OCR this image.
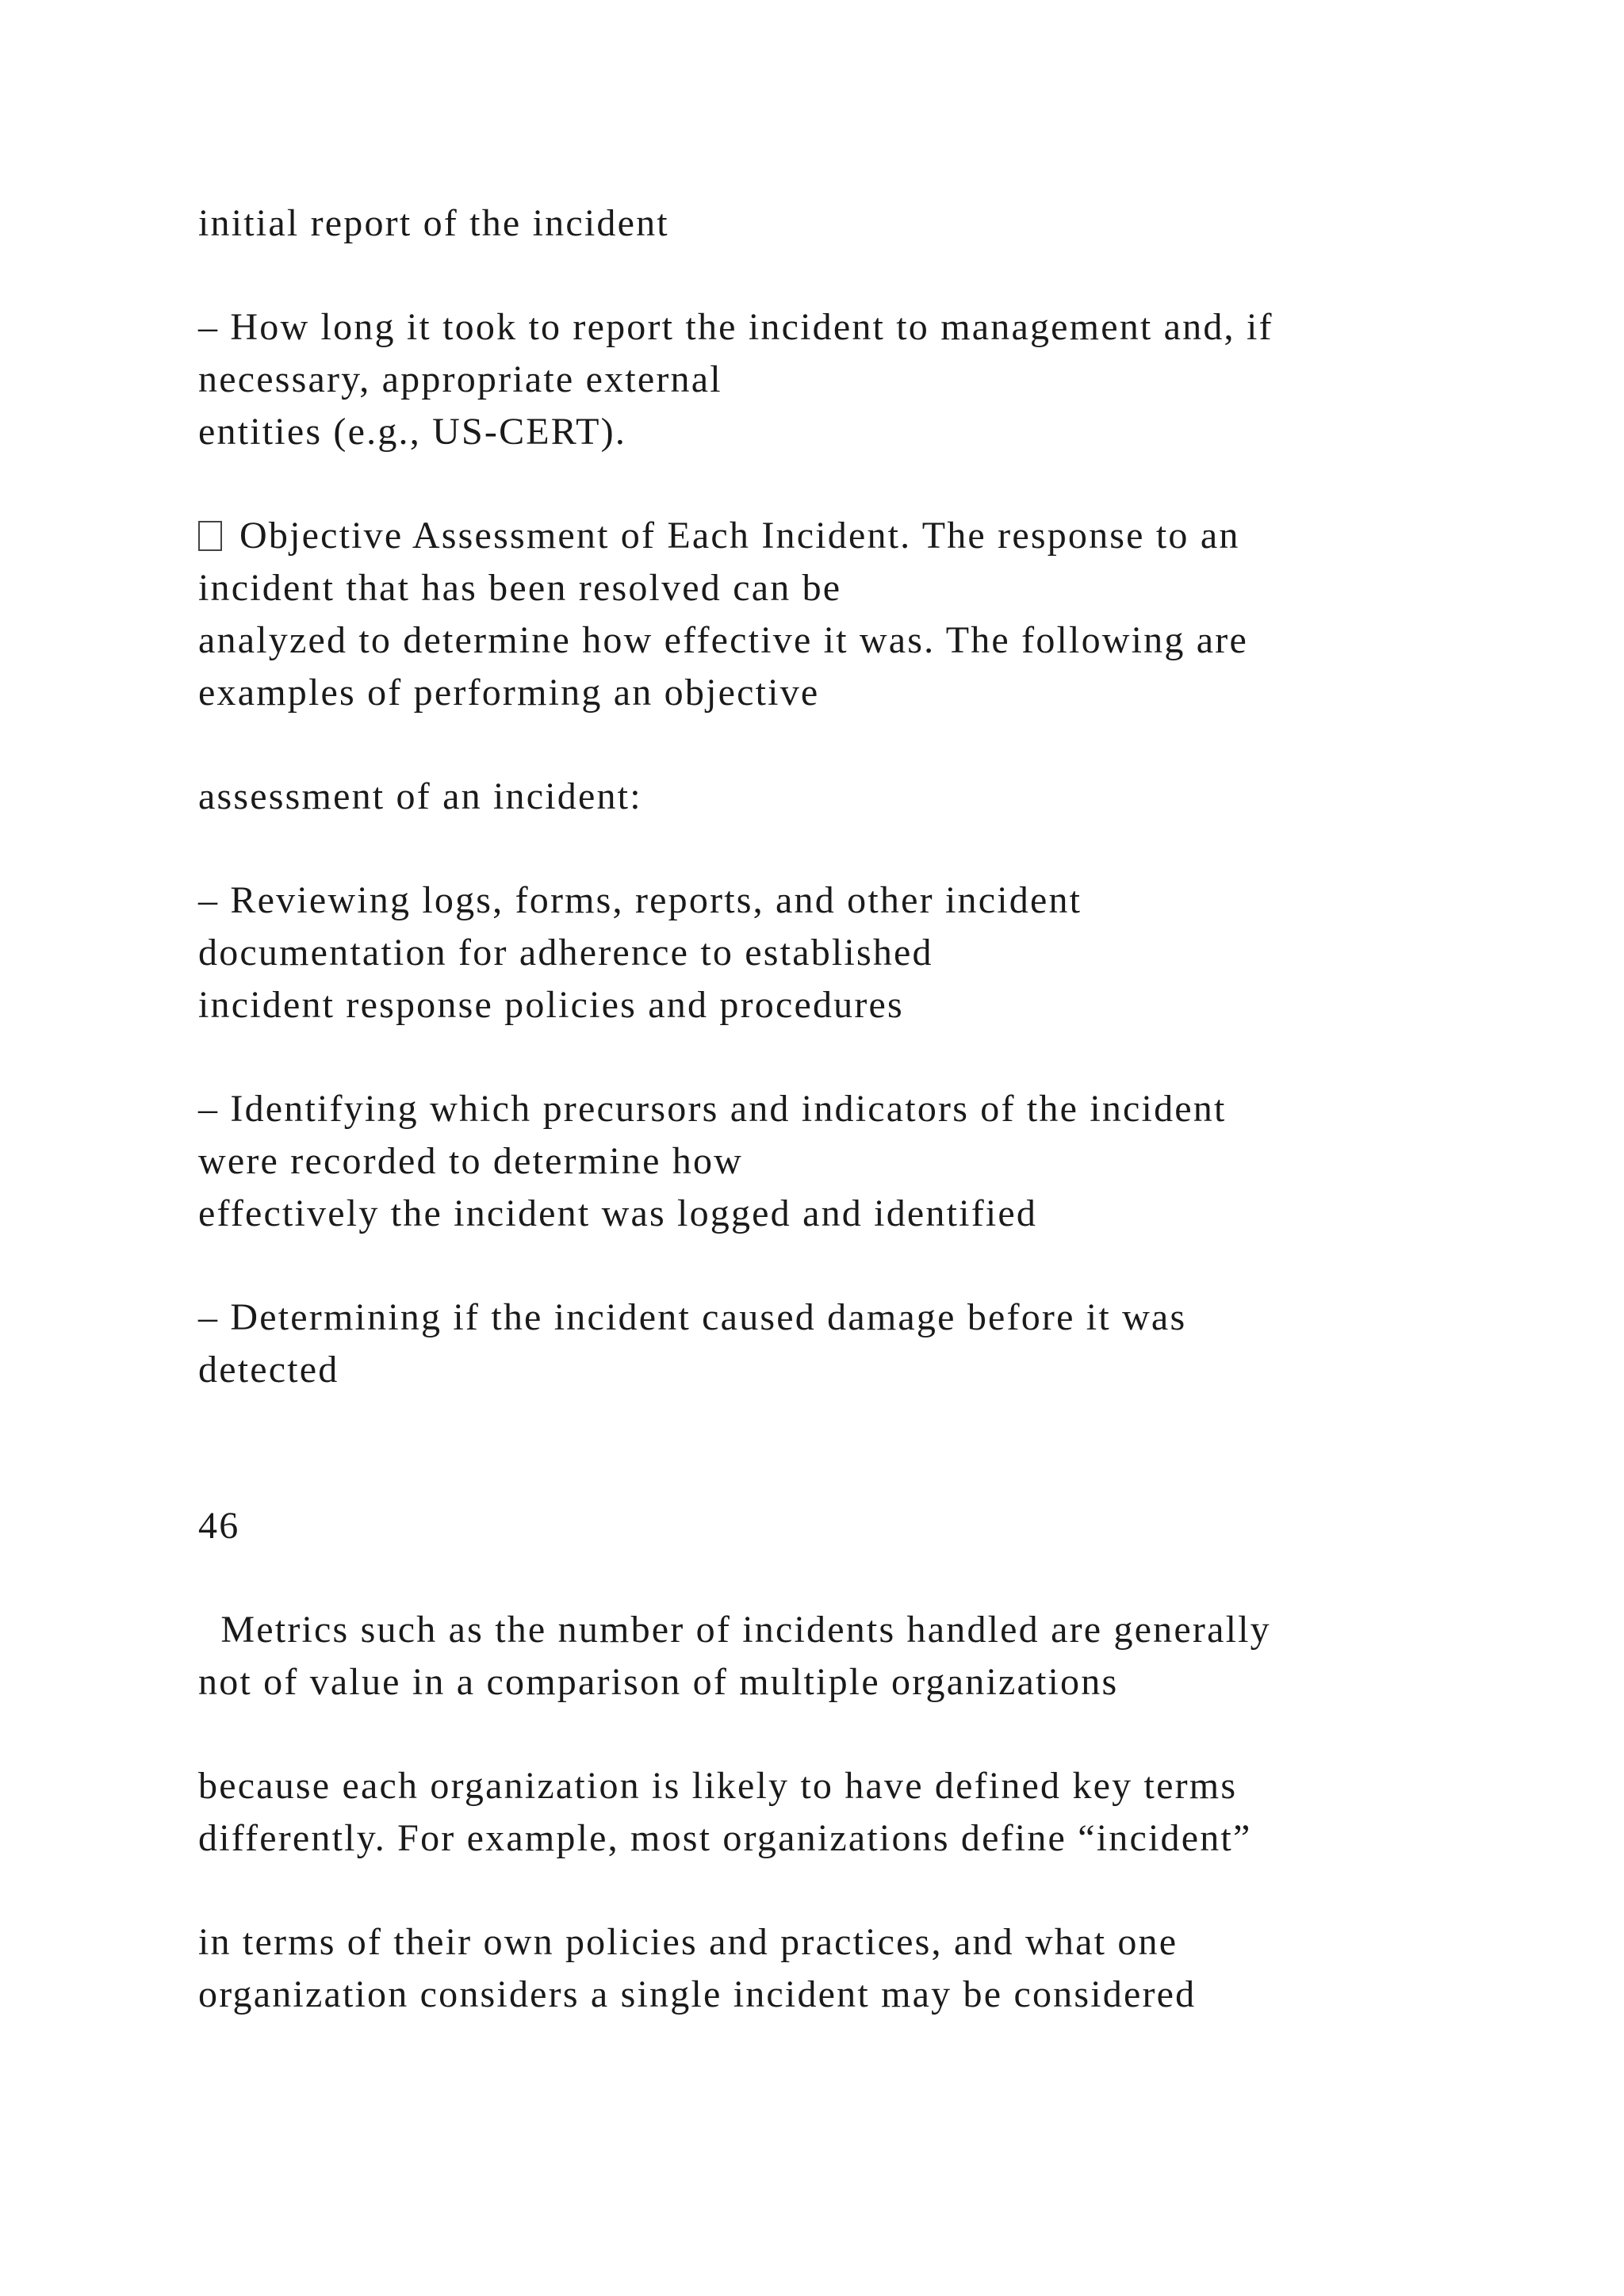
initial report of the incident
– How long it took to report the incident to management and, if
necessary, appropriate external
entities (e.g., US-CERT).
Objective Assessment of Each Incident. The response to an
incident that has been resolved can be
analyzed to determine how effective it was. The following are
examples of performing an objective
assessment of an incident:
– Reviewing logs, forms, reports, and other incident
documentation for adherence to established
incident response policies and procedures
– Identifying which precursors and indicators of the incident
were recorded to determine how
effectively the incident was logged and identified
– Determining if the incident caused damage before it was
detected
46
Metrics such as the number of incidents handled are generally
not of value in a comparison of multiple organizations
because each organization is likely to have defined key terms
differently. For example, most organizations define “incident”
in terms of their own policies and practices, and what one
organization considers a single incident may be considered
